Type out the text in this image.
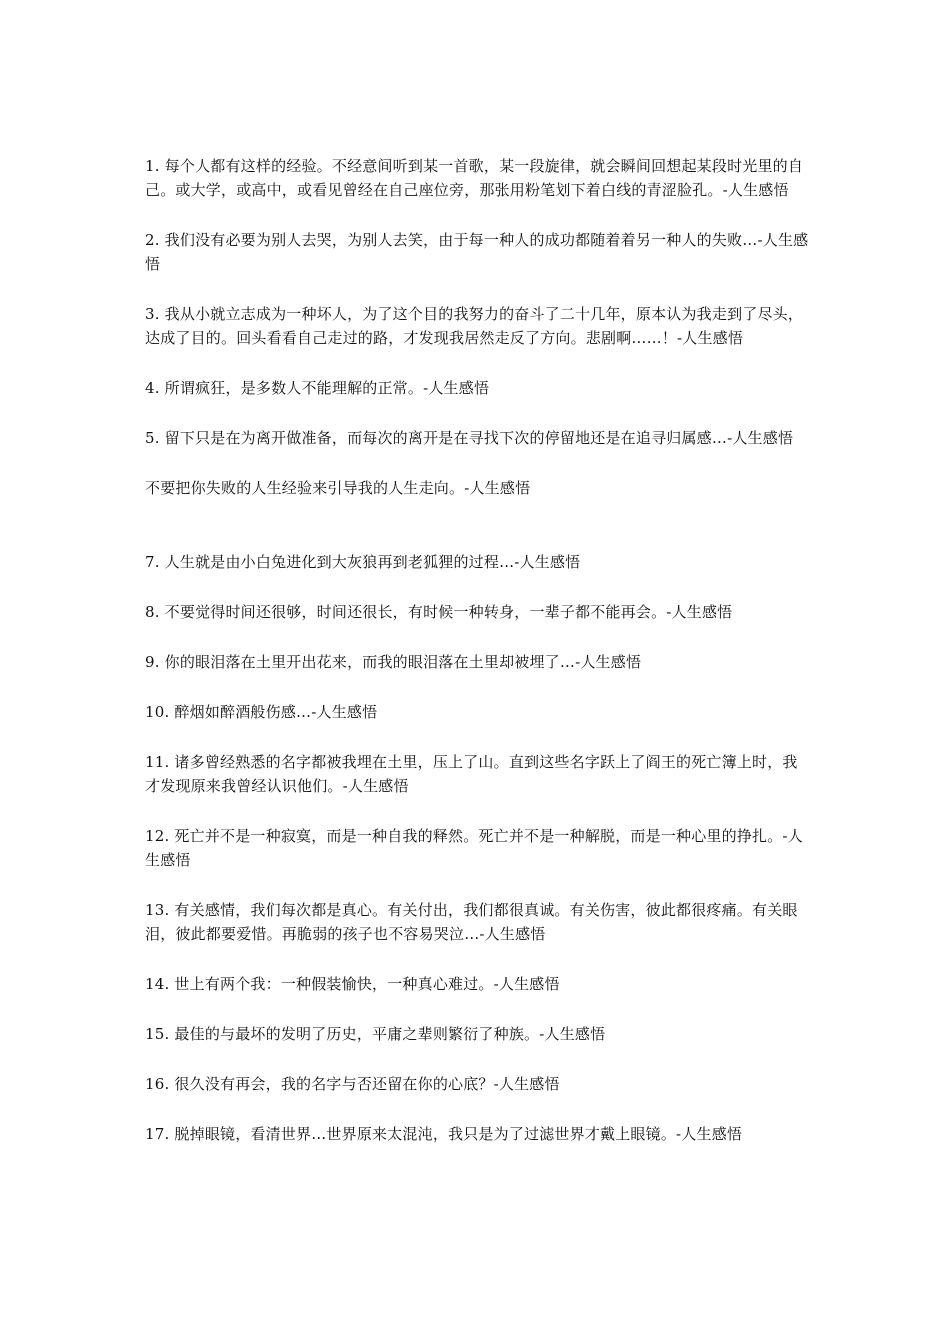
1. 每个人都有这样的经验。不经意间听到某一首歌，某一段旋律，就会瞬间回想起某段时光里的自己。或大学，或高中，或看见曾经在自己座位旁，那张用粉笔划下着白线的青涩脸孔。-人生感悟

2. 我们没有必要为别人去哭，为别人去笑，由于每一种人的成功都随着着另一种人的失败…-人生感悟

3. 我从小就立志成为一种坏人，为了这个目的我努力的奋斗了二十几年，原本认为我走到了尽头，达成了目的。回头看看自己走过的路，才发现我居然走反了方向。悲剧啊……！-人生感悟

4. 所谓疯狂，是多数人不能理解的正常。-人生感悟

5. 留下只是在为离开做准备，而每次的离开是在寻找下次的停留地还是在追寻归属感…-人生感悟

不要把你失败的人生经验来引导我的人生走向。-人生感悟

7. 人生就是由小白兔进化到大灰狼再到老狐狸的过程…-人生感悟

8. 不要觉得时间还很够，时间还很长，有时候一种转身，一辈子都不能再会。-人生感悟

9. 你的眼泪落在土里开出花来，而我的眼泪落在土里却被埋了…-人生感悟

10. 醉烟如醉酒般伤感…-人生感悟

11. 诸多曾经熟悉的名字都被我埋在土里，压上了山。直到这些名字跃上了阎王的死亡簿上时，我才发现原来我曾经认识他们。-人生感悟

12. 死亡并不是一种寂寞，而是一种自我的释然。死亡并不是一种解脱，而是一种心里的挣扎。-人生感悟

13. 有关感情，我们每次都是真心。有关付出，我们都很真诚。有关伤害，彼此都很疼痛。有关眼泪，彼此都要爱惜。再脆弱的孩子也不容易哭泣…-人生感悟

14. 世上有两个我：一种假装愉快，一种真心难过。-人生感悟

15. 最佳的与最坏的发明了历史，平庸之辈则繁衍了种族。-人生感悟

16. 很久没有再会，我的名字与否还留在你的心底？-人生感悟

17. 脱掉眼镜，看清世界…世界原来太混沌，我只是为了过滤世界才戴上眼镜。-人生感悟
